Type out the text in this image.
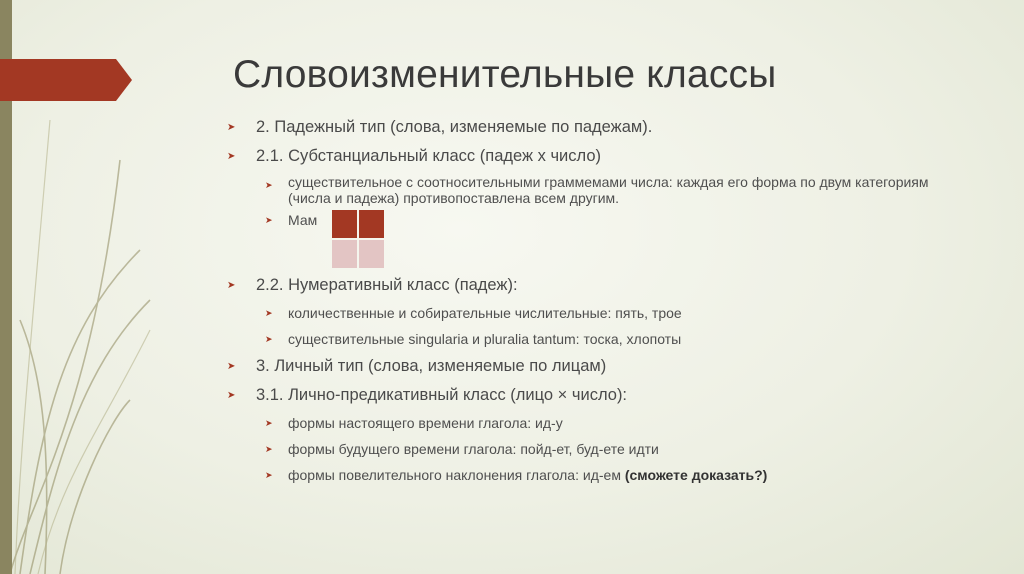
Словоизменительные классы
➤ 2. Падежный тип (слова, изменяемые по падежам).
➤ 2.1. Субстанциальный класс (падеж х число)
➤ существительное с соотносительными граммемами числа: каждая его форма по двум категориям (числа и падежа) противопоставлена всем другим.
➤ Мам
➤ 2.2. Нумеративный класс (падеж):
➤ количественные и собирательные числительные: пять, трое
➤ существительные singularia и pluralia tantum: тоска, хлопоты
➤ 3. Личный тип (слова, изменяемые по лицам)
➤ 3.1. Лично-предикативный класс (лицо × число):
➤ формы настоящего времени глагола: ид-у
➤ формы будущего времени глагола: пойд-ет, буд-ете идти
➤ формы повелительного наклонения глагола: ид-ем (сможете доказать?)
